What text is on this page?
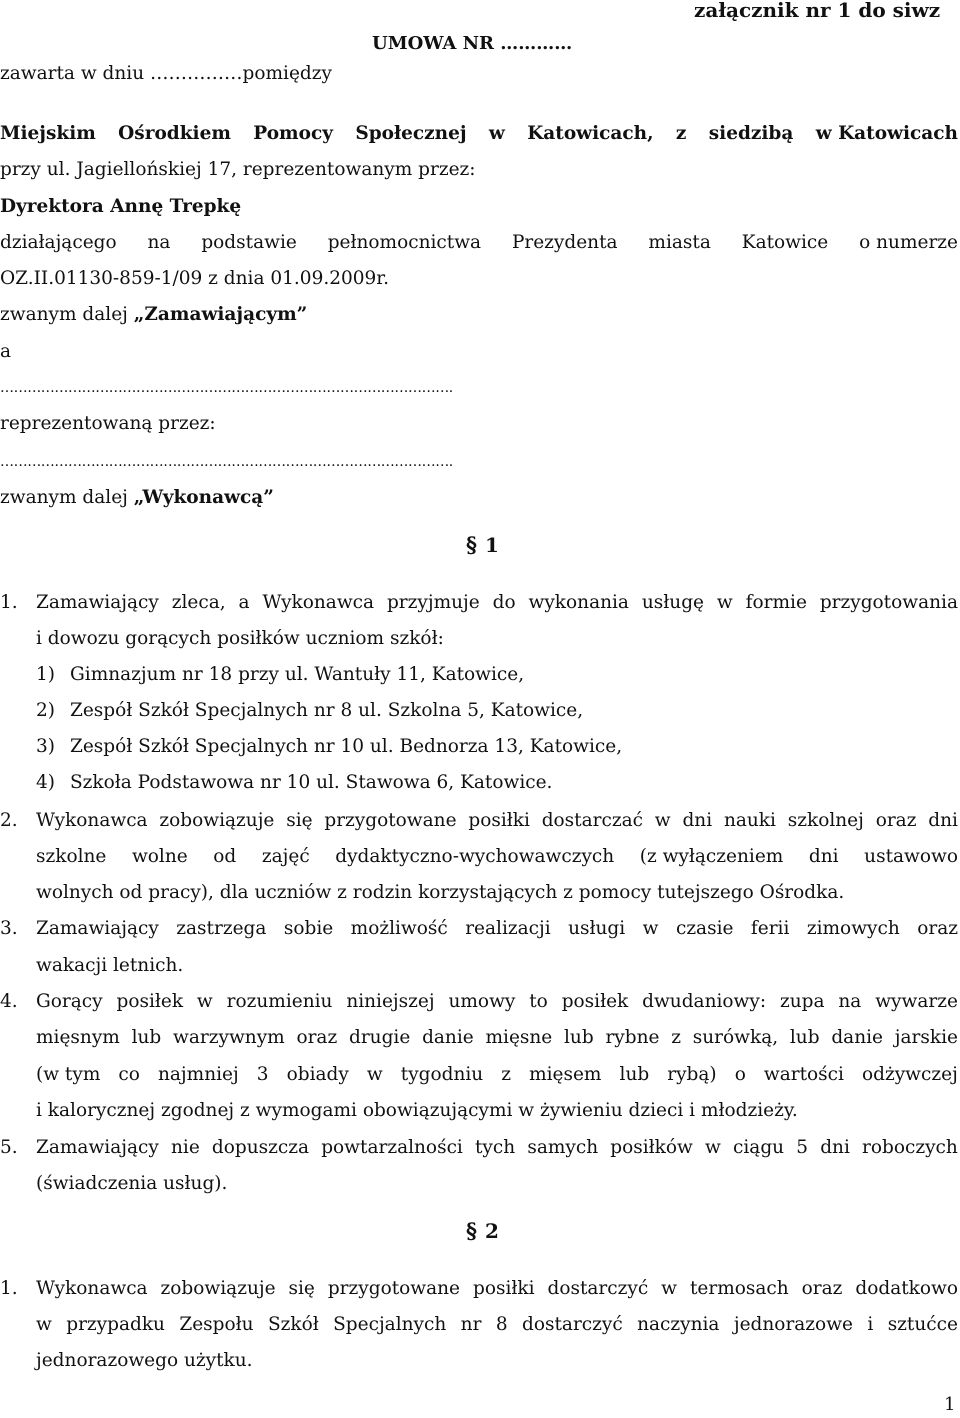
załącznik nr 1 do siwz
UMOWA NR …………
zawarta w dniu ……………pomiędzy
Miejskim Ośrodkiem Pomocy Społecznej w Katowicach, z siedzibą w Katowicach
przy ul. Jagiellońskiej 17, reprezentowanym przez:
Dyrektora Annę Trepkę
działającego na podstawie pełnomocnictwa Prezydenta miasta Katowice o numerze
OZ.II.01130-859-1/09 z dnia 01.09.2009r.
zwanym dalej „Zamawiającym”
a
……………………………………………………………………………………….
reprezentowaną przez:
……………………………………………………………………………………….
zwanym dalej „Wykonawcą”
§ 1
1. Zamawiający zleca, a Wykonawca przyjmuje do wykonania usługę w formie przygotowania
i dowozu gorących posiłków uczniom szkół:
1) Gimnazjum nr 18 przy ul. Wantuły 11, Katowice,
2) Zespół Szkół Specjalnych nr 8 ul. Szkolna 5, Katowice,
3) Zespół Szkół Specjalnych nr 10 ul. Bednorza 13, Katowice,
4) Szkoła Podstawowa nr 10 ul. Stawowa 6, Katowice.
2. Wykonawca zobowiązuje się przygotowane posiłki dostarczać w dni nauki szkolnej oraz dni
szkolne wolne od zajęć dydaktyczno-wychowawczych (z wyłączeniem dni ustawowo
wolnych od pracy), dla uczniów z rodzin korzystających z pomocy tutejszego Ośrodka.
3. Zamawiający zastrzega sobie możliwość realizacji usługi w czasie ferii zimowych oraz
wakacji letnich.
4. Gorący posiłek w rozumieniu niniejszej umowy to posiłek dwudaniowy: zupa na wywarze
mięsnym lub warzywnym oraz drugie danie mięsne lub rybne z surówką, lub danie jarskie
(w tym co najmniej 3 obiady w tygodniu z mięsem lub rybą) o wartości odżywczej
i kalorycznej zgodnej z wymogami obowiązującymi w żywieniu dzieci i młodzieży.
5. Zamawiający nie dopuszcza powtarzalności tych samych posiłków w ciągu 5 dni roboczych
(świadczenia usług).
§ 2
1. Wykonawca zobowiązuje się przygotowane posiłki dostarczyć w termosach oraz dodatkowo
w przypadku Zespołu Szkół Specjalnych nr 8 dostarczyć naczynia jednorazowe i sztućce
jednorazowego użytku.
1
